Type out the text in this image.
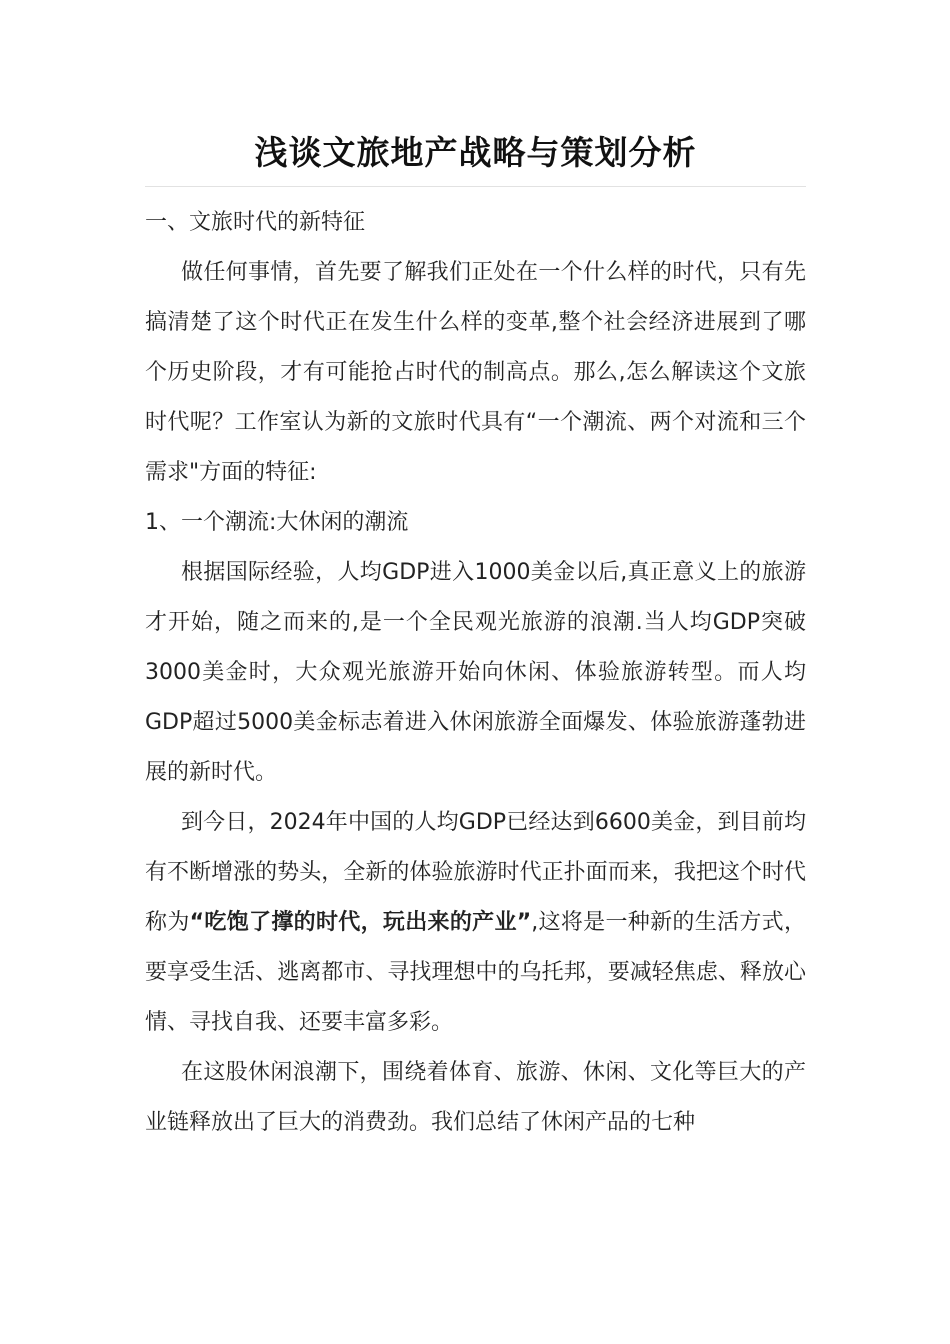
浅谈文旅地产战略与策划分析

一、文旅时代的新特征

做任何事情，首先要了解我们正处在一个什么样的时代，只有先搞清楚了这个时代正在发生什么样的变革,整个社会经济进展到了哪个历史阶段，才有可能抢占时代的制高点。那么,怎么解读这个文旅时代呢？工作室认为新的文旅时代具有“一个潮流、两个对流和三个需求"方面的特征:

1、一个潮流:大休闲的潮流

根据国际经验，人均GDP进入1000美金以后,真正意义上的旅游才开始，随之而来的,是一个全民观光旅游的浪潮.当人均GDP突破3000美金时，大众观光旅游开始向休闲、体验旅游转型。而人均GDP超过5000美金标志着进入休闲旅游全面爆发、体验旅游蓬勃进展的新时代。

到今日，2024年中国的人均GDP已经达到6600美金，到目前均有不断增涨的势头，全新的体验旅游时代正扑面而来，我把这个时代称为“吃饱了撑的时代，玩出来的产业”,这将是一种新的生活方式，要享受生活、逃离都市、寻找理想中的乌托邦，要减轻焦虑、释放心情、寻找自我、还要丰富多彩。

在这股休闲浪潮下，围绕着体育、旅游、休闲、文化等巨大的产业链释放出了巨大的消费劲。我们总结了休闲产品的七种
